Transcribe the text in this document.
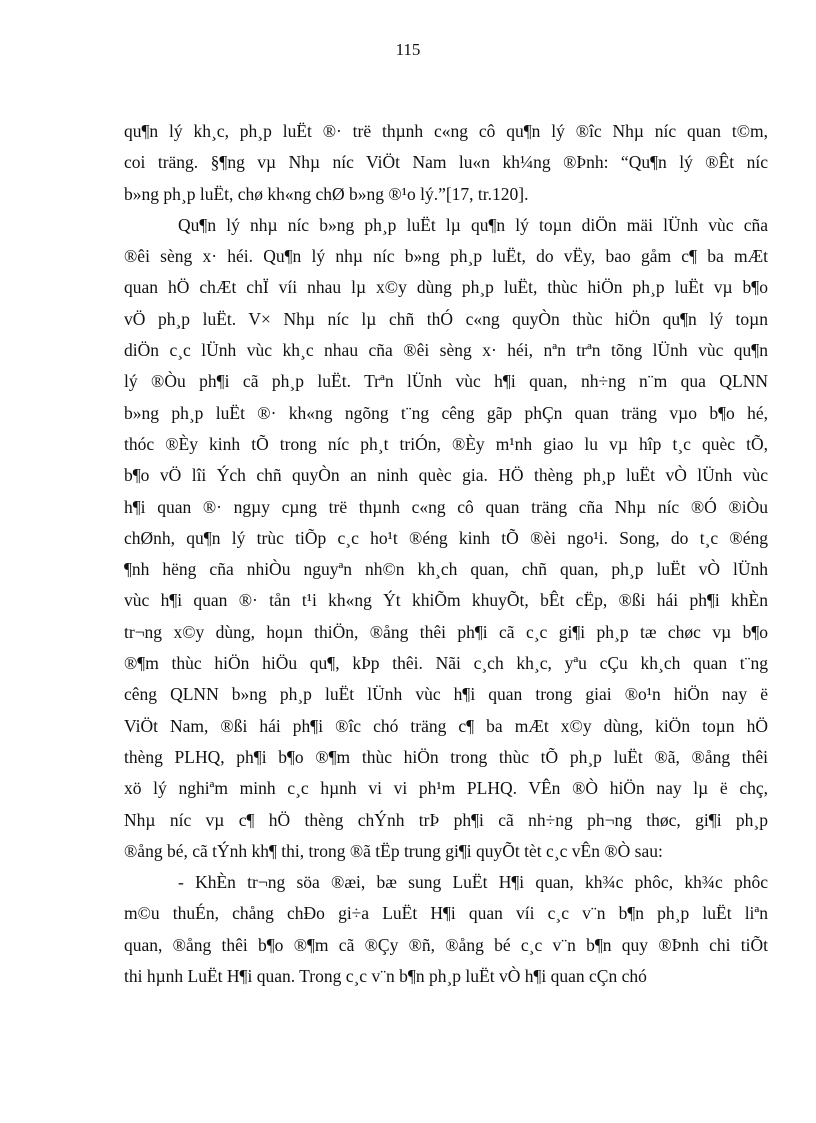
115
qu¶n lý kh¸c, ph¸p luËt ®· trë thµnh c«ng cô qu¶n lý ®îc Nhµ níc quan t©m,
coi träng. §¶ng vµ Nhµ níc ViÖt Nam lu«n kh¼ng ®Þnh: “Qu¶n lý ®Êt níc
b»ng ph¸p luËt, chø kh«ng chØ b»ng ®¹o lý.”[17, tr.120].
Qu¶n lý nhµ níc b»ng ph¸p luËt lµ qu¶n lý toµn diÖn mäi lÜnh vùc cña
®êi sèng x· héi. Qu¶n lý nhµ níc b»ng ph¸p luËt, do vËy, bao gåm c¶ ba mÆt
quan hÖ chÆt chÏ víi nhau lµ x©y dùng ph¸p luËt, thùc hiÖn ph¸p luËt vµ b¶o
vÖ ph¸p luËt. V× Nhµ níc lµ chñ thÓ c«ng quyÒn thùc hiÖn qu¶n lý toµn
diÖn c¸c lÜnh vùc kh¸c nhau cña ®êi sèng x· héi, nªn trªn tõng lÜnh vùc qu¶n
lý ®Òu ph¶i cã ph¸p luËt. Trªn lÜnh vùc h¶i quan, nh÷ng n¨m qua QLNN
b»ng ph¸p luËt ®· kh«ng ngõng t¨ng cêng gãp phÇn quan träng vµo b¶o hé,
thóc ®Èy kinh tÕ trong níc ph¸t triÓn, ®Èy m¹nh giao lu vµ hîp t¸c quèc tÕ,
b¶o vÖ lîi Ých chñ quyÒn an ninh quèc gia. HÖ thèng ph¸p luËt vÒ lÜnh vùc
h¶i quan ®· ngµy cµng trë thµnh c«ng cô quan träng cña Nhµ níc ®Ó ®iÒu
chØnh, qu¶n lý trùc tiÕp c¸c ho¹t ®éng kinh tÕ ®èi ngo¹i. Song, do t¸c ®éng
¶nh hëng cña nhiÒu nguyªn nh©n kh¸ch quan, chñ quan, ph¸p luËt vÒ lÜnh
vùc h¶i quan ®· tån t¹i kh«ng Ýt khiÕm khuyÕt, bÊt cËp, ®ßi hái ph¶i khÈn
tr¬ng x©y dùng, hoµn thiÖn, ®ång thêi ph¶i cã c¸c gi¶i ph¸p tæ chøc vµ b¶o
®¶m thùc hiÖn hiÖu qu¶, kÞp thêi. Nãi c¸ch kh¸c, yªu cÇu kh¸ch quan t¨ng
cêng QLNN b»ng ph¸p luËt lÜnh vùc h¶i quan trong giai ®o¹n hiÖn nay ë
ViÖt Nam, ®ßi hái ph¶i ®îc chó träng c¶ ba mÆt x©y dùng, kiÖn toµn hÖ
thèng PLHQ, ph¶i b¶o ®¶m thùc hiÖn trong thùc tÕ ph¸p luËt ®ã, ®ång thêi
xö lý nghiªm minh c¸c hµnh vi vi ph¹m PLHQ. VÊn ®Ò hiÖn nay lµ ë chç,
Nhµ níc vµ c¶ hÖ thèng chÝnh trÞ ph¶i cã nh÷ng ph¬ng thøc, gi¶i ph¸p
®ång bé, cã tÝnh kh¶ thi, trong ®ã tËp trung gi¶i quyÕt tèt c¸c vÊn ®Ò sau:
- KhÈn tr¬ng söa ®æi, bæ sung LuËt H¶i quan, kh¾c phôc, kh¾c phôc
m©u thuÉn, chång chÐo gi÷a LuËt H¶i quan víi c¸c v¨n b¶n ph¸p luËt liªn
quan, ®ång thêi b¶o ®¶m cã ®Çy ®ñ, ®ång bé c¸c v¨n b¶n quy ®Þnh chi tiÕt
thi hµnh LuËt H¶i quan. Trong c¸c v¨n b¶n ph¸p luËt vÒ h¶i quan cÇn chó
